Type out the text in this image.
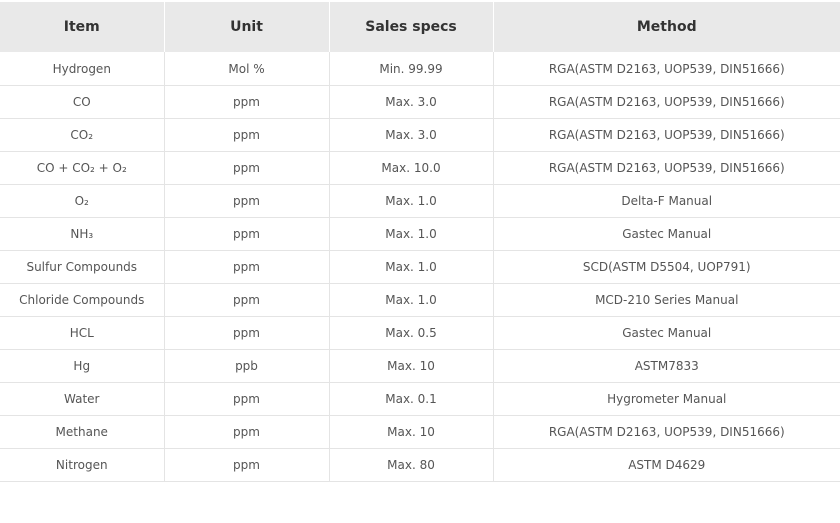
Item	Unit	Sales specs	Method
Hydrogen	Mol %	Min. 99.99	RGA(ASTM D2163, UOP539, DIN51666)
CO	ppm	Max. 3.0	RGA(ASTM D2163, UOP539, DIN51666)
CO₂	ppm	Max. 3.0	RGA(ASTM D2163, UOP539, DIN51666)
CO + CO₂ + O₂	ppm	Max. 10.0	RGA(ASTM D2163, UOP539, DIN51666)
O₂	ppm	Max. 1.0	Delta-F Manual
NH₃	ppm	Max. 1.0	Gastec Manual
Sulfur Compounds	ppm	Max. 1.0	SCD(ASTM D5504, UOP791)
Chloride Compounds	ppm	Max. 1.0	MCD-210 Series Manual
HCL	ppm	Max. 0.5	Gastec Manual
Hg	ppb	Max. 10	ASTM7833
Water	ppm	Max. 0.1	Hygrometer Manual
Methane	ppm	Max. 10	RGA(ASTM D2163, UOP539, DIN51666)
Nitrogen	ppm	Max. 80	ASTM D4629
